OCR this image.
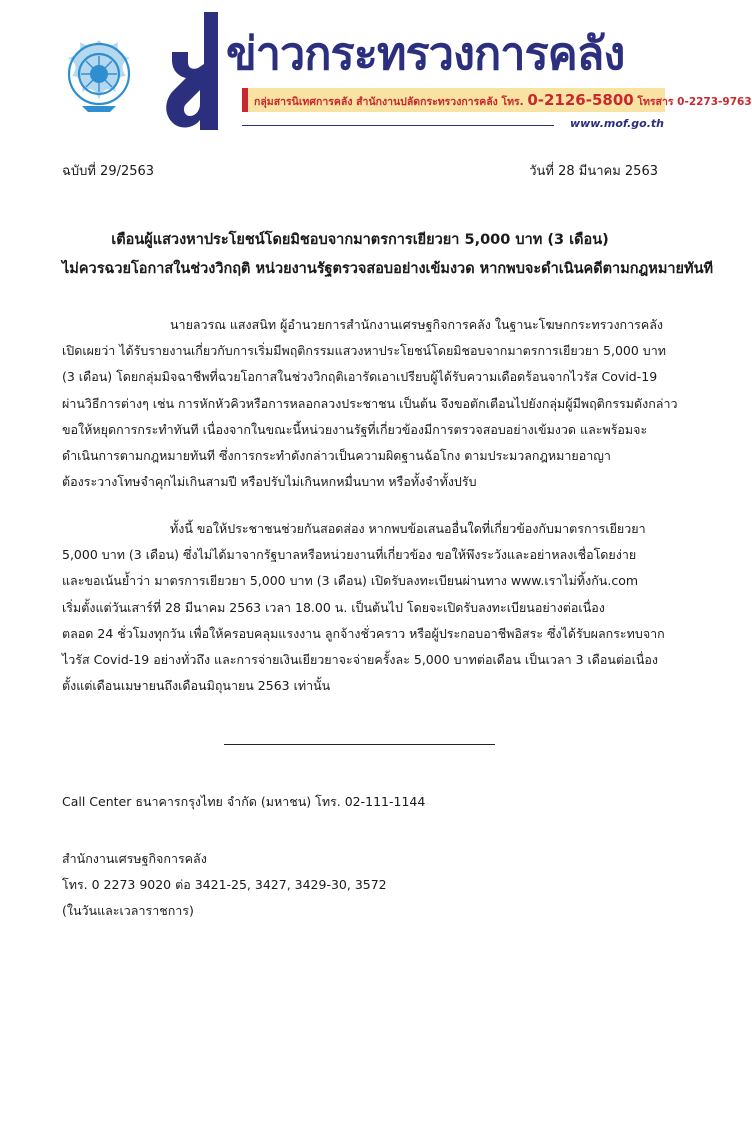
ข่าวกระทรวงการคลัง
กลุ่มสารนิเทศการคลัง สำนักงานปลัดกระทรวงการคลัง โทร. 0-2126-5800 โทรสาร 0-2273-9763
www.mof.go.th
ฉบับที่ 29/2563	วันที่ 28 มีนาคม 2563
เตือนผู้แสวงหาประโยชน์โดยมิชอบจากมาตรการเยียวยา 5,000 บาท (3 เดือน)
ไม่ควรฉวยโอกาสในช่วงวิกฤติ หน่วยงานรัฐตรวจสอบอย่างเข้มงวด หากพบจะดำเนินคดีตามกฎหมายทันที
นายลวรณ แสงสนิท ผู้อำนวยการสำนักงานเศรษฐกิจการคลัง ในฐานะโฆษกกระทรวงการคลัง
เปิดเผยว่า ได้รับรายงานเกี่ยวกับการเริ่มมีพฤติกรรมแสวงหาประโยชน์โดยมิชอบจากมาตรการเยียวยา 5,000 บาท
(3 เดือน) โดยกลุ่มมิจฉาชีพที่ฉวยโอกาสในช่วงวิกฤติเอารัดเอาเปรียบผู้ได้รับความเดือดร้อนจากไวรัส Covid-19
ผ่านวิธีการต่างๆ เช่น การหักหัวคิวหรือการหลอกลวงประชาชน เป็นต้น จึงขอตักเตือนไปยังกลุ่มผู้มีพฤติกรรมดังกล่าว
ขอให้หยุดการกระทำทันที เนื่องจากในขณะนี้หน่วยงานรัฐที่เกี่ยวข้องมีการตรวจสอบอย่างเข้มงวด และพร้อมจะ
ดำเนินการตามกฎหมายทันที ซึ่งการกระทำดังกล่าวเป็นความผิดฐานฉ้อโกง ตามประมวลกฎหมายอาญา
ต้องระวางโทษจำคุกไม่เกินสามปี หรือปรับไม่เกินหกหมื่นบาท หรือทั้งจำทั้งปรับ
ทั้งนี้ ขอให้ประชาชนช่วยกันสอดส่อง หากพบข้อเสนออื่นใดที่เกี่ยวข้องกับมาตรการเยียวยา
5,000 บาท (3 เดือน) ซึ่งไม่ได้มาจากรัฐบาลหรือหน่วยงานที่เกี่ยวข้อง ขอให้พึงระวังและอย่าหลงเชื่อโดยง่าย
และขอเน้นย้ำว่า มาตรการเยียวยา 5,000 บาท (3 เดือน) เปิดรับลงทะเบียนผ่านทาง www.เราไม่ทิ้งกัน.com
เริ่มตั้งแต่วันเสาร์ที่ 28 มีนาคม 2563 เวลา 18.00 น. เป็นต้นไป โดยจะเปิดรับลงทะเบียนอย่างต่อเนื่อง
ตลอด 24 ชั่วโมงทุกวัน เพื่อให้ครอบคลุมแรงงาน ลูกจ้างชั่วคราว หรือผู้ประกอบอาชีพอิสระ ซึ่งได้รับผลกระทบจาก
ไวรัส Covid-19 อย่างทั่วถึง และการจ่ายเงินเยียวยาจะจ่ายครั้งละ 5,000 บาทต่อเดือน เป็นเวลา 3 เดือนต่อเนื่อง
ตั้งแต่เดือนเมษายนถึงเดือนมิถุนายน 2563 เท่านั้น
Call Center ธนาคารกรุงไทย จำกัด (มหาชน) โทร. 02-111-1144
สำนักงานเศรษฐกิจการคลัง
โทร. 0 2273 9020 ต่อ 3421-25, 3427, 3429-30, 3572
(ในวันและเวลาราชการ)
